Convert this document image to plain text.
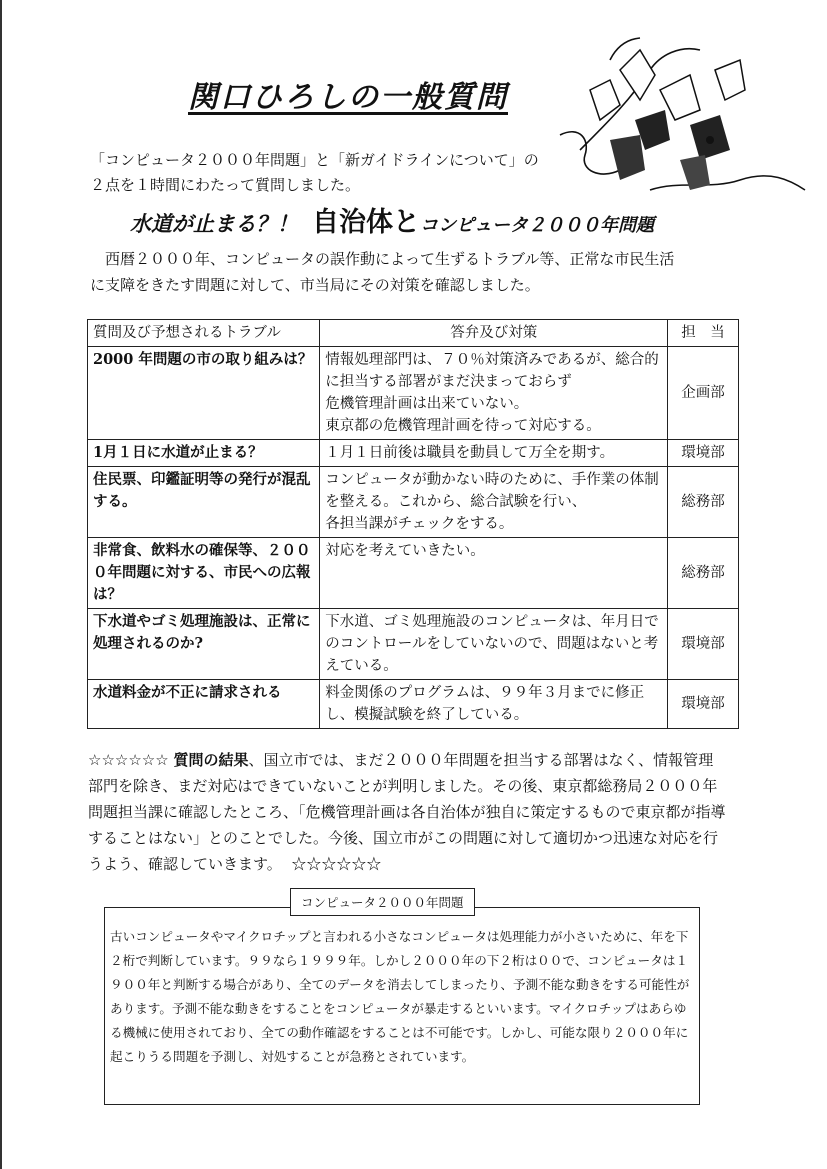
関口ひろしの一般質問
「コンピュータ２０００年問題」と「新ガイドラインについて」の
２点を１時間にわたって質問しました。
水道が止まる？！ 自治体とコンピュータ２０００年問題
　西暦２０００年、コンピュータの誤作動によって生ずるトラブル等、正常な市民生活
に支障をきたす問題に対して、市当局にその対策を確認しました。
質問及び予想されるトラブル	答弁及び対策	担　当
2000 年問題の市の取り組みは？	情報処理部門は、７０％対策済みであるが、総合的に担当する部署がまだ決まっておらず
危機管理計画は出来ていない。
東京都の危機管理計画を待って対応する。	企画部
1月１日に水道が止まる？	１月１日前後は職員を動員して万全を期す。	環境部
住民票、印鑑証明等の発行が混乱する。	コンピュータが動かない時のために、手作業の体制を整える。これから、総合試験を行い、
各担当課がチェックをする。	総務部
非常食、飲料水の確保等、２０００年問題に対する、市民への広報は？	対応を考えていきたい。	総務部
下水道やゴミ処理施設は、正常に処理されるのか?	下水道、ゴミ処理施設のコンピュータは、年月日でのコントロールをしていないので、問題はないと考えている。	環境部
水道料金が不正に請求される	料金関係のプログラムは、９９年３月までに修正し、模擬試験を終了している。	環境部
☆☆☆☆☆☆ 質問の結果、国立市では、まだ２０００年問題を担当する部署はなく、情報管理部門を除き、まだ対応はできていないことが判明しました。その後、東京都総務局２０００年問題担当課に確認したところ、「危機管理計画は各自治体が独自に策定するもので東京都が指導することはない」とのことでした。今後、国立市がこの問題に対して適切かつ迅速な対応を行うよう、確認していきます。 ☆☆☆☆☆☆
コンピュータ２０００年問題
古いコンピュータやマイクロチップと言われる小さなコンピュータは処理能力が小さいために、年を下２桁で判断しています。９９なら１９９９年。しかし２０００年の下２桁は００で、コンピュータは１９００年と判断する場合があり、全てのデータを消去してしまったり、予測不能な動きをする可能性があります。予測不能な動きをすることをコンピュータが暴走するといいます。マイクロチップはあらゆる機械に使用されており、全ての動作確認をすることは不可能です。しかし、可能な限り２０００年に起こりうる問題を予測し、対処することが急務とされています。
